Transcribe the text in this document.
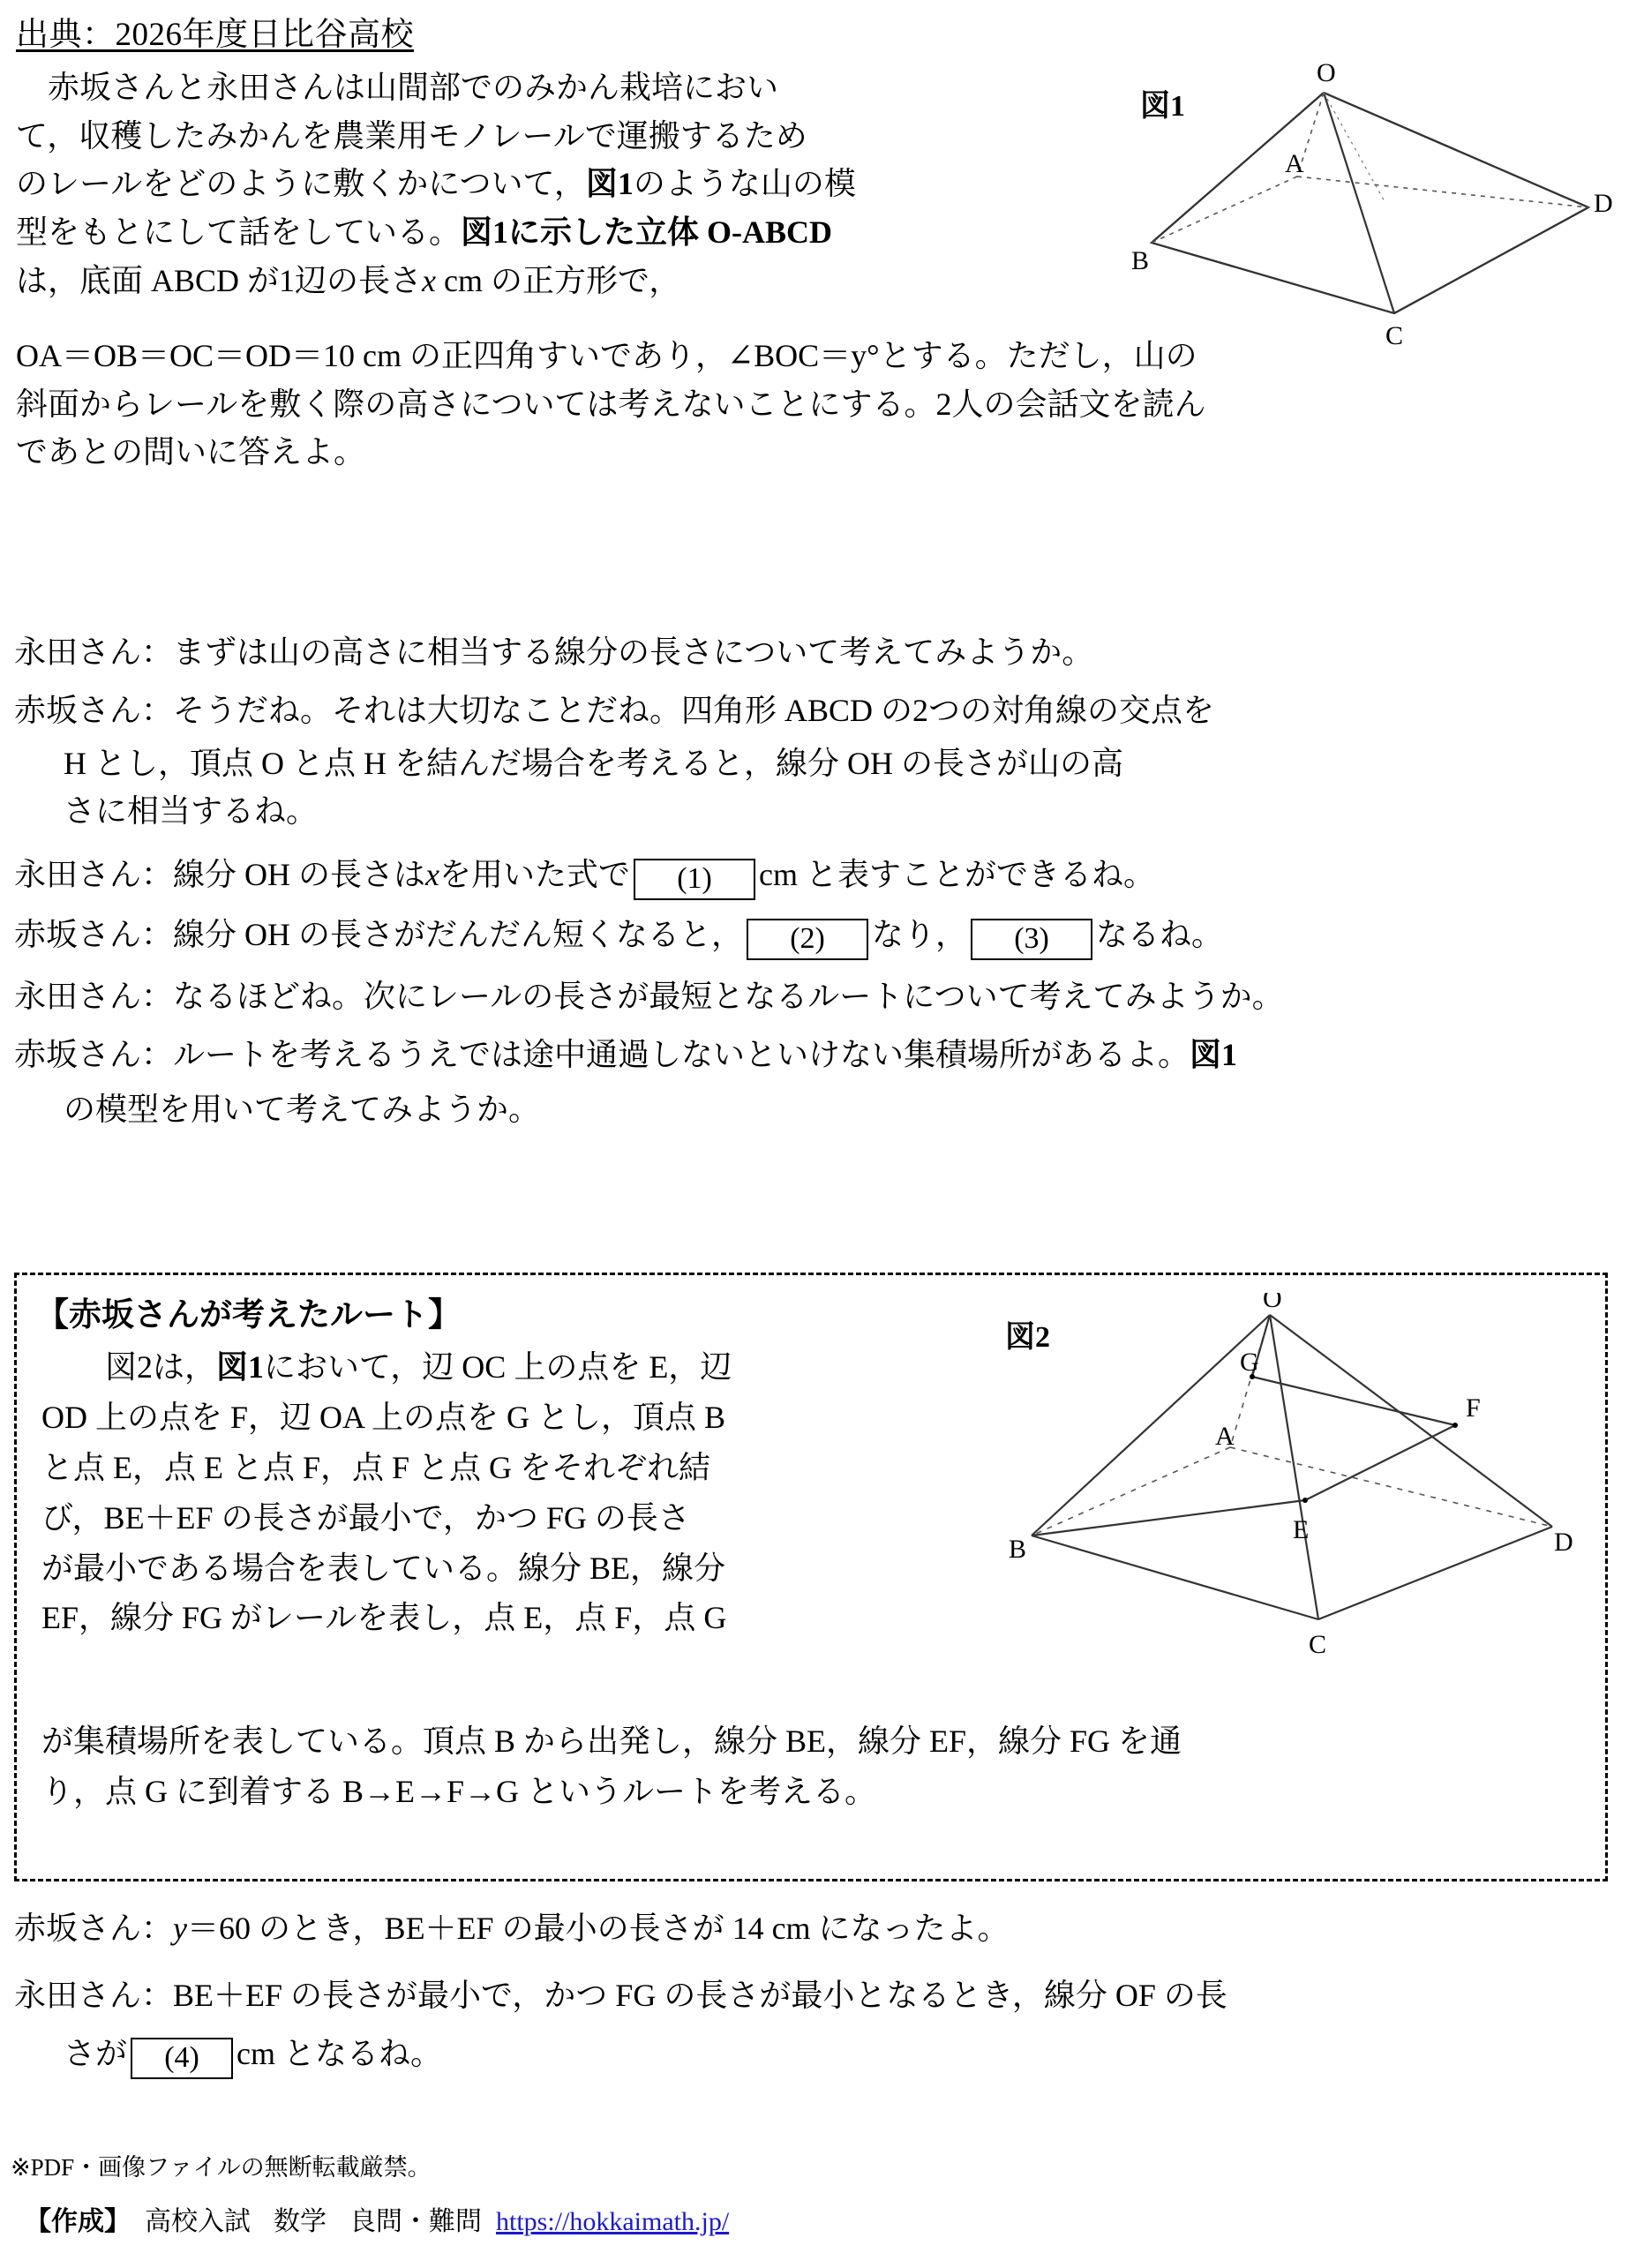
出典：2026年度日比谷高校

　赤坂さんと永田さんは山間部でのみかん栽培におい

て，収穫したみかんを農業用モノレールで運搬するため

のレールをどのように敷くかについて，図1のような山の模

型をもとにして話をしている。図1に示した立体 O-ABCD

は，底面 ABCD が1辺の長さx cm の正方形で，

OA＝OB＝OC＝OD＝10 cm の正四角すいであり，∠BOC＝y°とする。ただし，山の

斜面からレールを敷く際の高さについては考えないことにする。2人の会話文を読ん

であとの問いに答えよ。

図1
O
A
B
C
D
永田さん： まずは山の高さに相当する線分の長さについて考えてみようか。
赤坂さん： そうだね。それは大切なことだね。四角形 ABCD の2つの対角線の交点を
H とし，頂点 O と点 H を結んだ場合を考えると，線分 OH の長さが山の高
さに相当するね。
永田さん： 線分 OH の長さはxを用いた式で (1) cm と表すことができるね。
赤坂さん： 線分 OH の長さがだんだん短くなると， (2) なり， (3) なるね。
永田さん： なるほどね。次にレールの長さが最短となるルートについて考えてみようか。
赤坂さん： ルートを考えるうえでは途中通過しないといけない集積場所があるよ。図1
の模型を用いて考えてみようか。
【赤坂さんが考えたルート】

　　図2は，図1において，辺 OC 上の点を E，辺

OD 上の点を F，辺 OA 上の点を G とし，頂点 B

と点 E，点 E と点 F，点 F と点 G をそれぞれ結

び，BE＋EF の長さが最小で，かつ FG の長さ

が最小である場合を表している。線分 BE，線分

EF，線分 FG がレールを表し，点 E，点 F，点 G

が集積場所を表している。頂点 B から出発し，線分 BE，線分 EF，線分 FG を通

り，点 G に到着する B→E→F→G というルートを考える。

図2
O
G
A
B
C
D
E
F
赤坂さん： y＝60 のとき，BE＋EF の最小の長さが 14 cm になったよ。
永田さん： BE＋EF の長さが最小で，かつ FG の長さが最小となるとき，線分 OF の長
さが (4) cm となるね。
※PDF・画像ファイルの無断転載厳禁。
【作成】 高校入試 数学 良問・難問 https://hokkaimath.jp/
